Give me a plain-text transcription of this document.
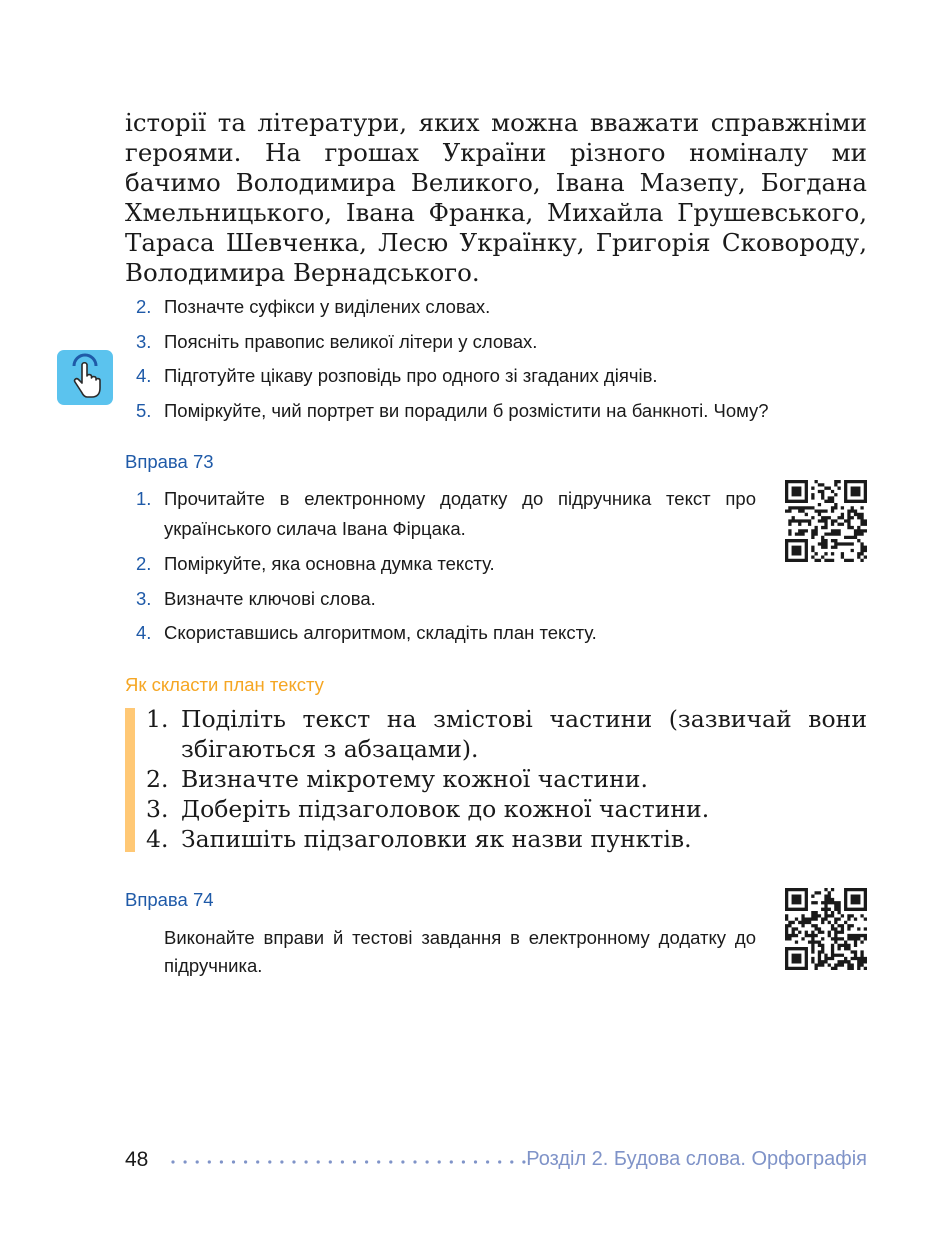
історії та літератури, яких можна вважати справжніми героями. На грошах України різного номіналу ми бачимо Володимира Великого, Івана Мазепу, Богдана Хмельницького, Івана Франка, Михайла Грушевського, Тараса Шевченка, Лесю Українку, Григорія Сковороду, Володимира Вернадського.

2. Позначте суфікси у виділених словах.
3. Поясніть правопис великої літери у словах.
4. Підготуйте цікаву розповідь про одного зі згаданих діячів.
5. Поміркуйте, чий портрет ви порадили б розмістити на банкноті. Чому?
Вправа 73
1. Прочитайте в електронному додатку до підручника текст про українського силача Івана Фірцака.
2. Поміркуйте, яка основна думка тексту.
3. Визначте ключові слова.
4. Скориставшись алгоритмом, складіть план тексту.
Як скласти план тексту
1. Поділіть текст на змістові частини (зазвичай вони збігаються з абзацами).
2. Визначте мікротему кожної частини.
3. Доберіть підзаголовок до кожної частини.
4. Запишіть підзаголовки як назви пунктів.
Вправа 74

Виконайте вправи й тестові завдання в електронному додатку до підручника.

48	Розділ 2. Будова слова. Орфографія
